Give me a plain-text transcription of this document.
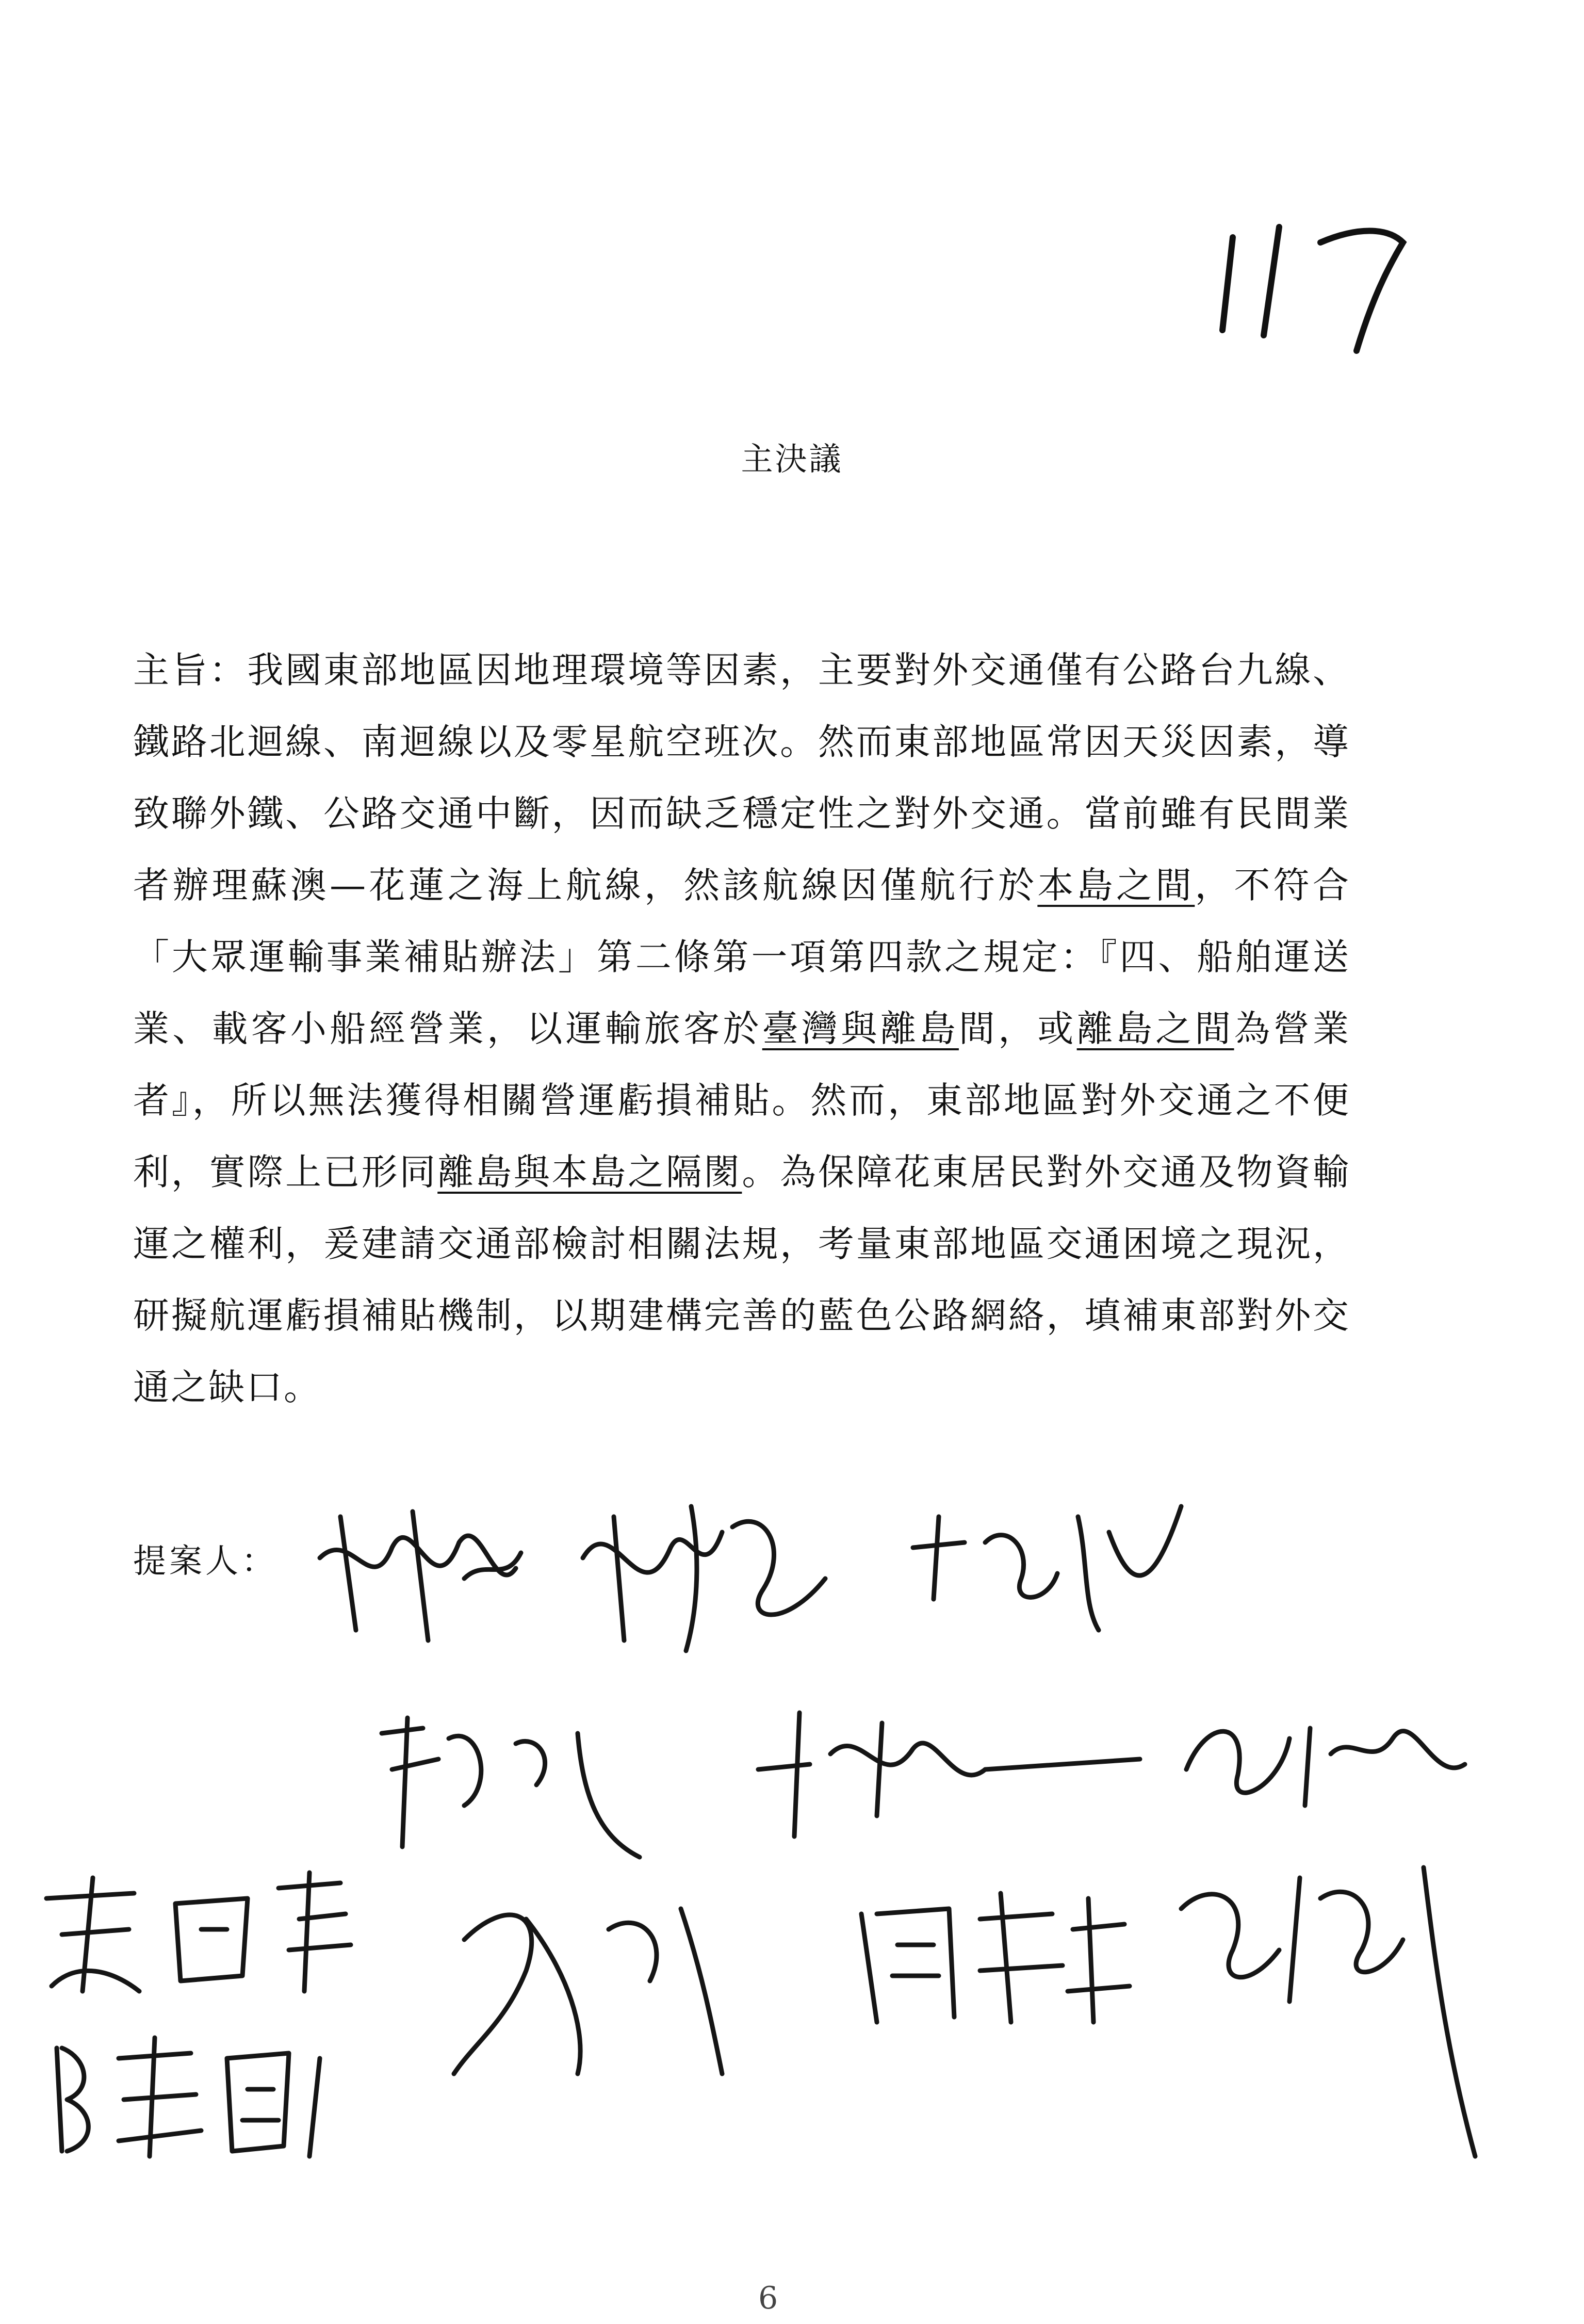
主決議
主旨：我國東部地區因地理環境等因素，主要對外交通僅有公路台九線、鐵路北迴線、南迴線以及零星航空班次。然而東部地區常因天災因素，導致聯外鐵、公路交通中斷，因而缺乏穩定性之對外交通。當前雖有民間業者辦理蘇澳—花蓮之海上航線，然該航線因僅航行於本島之間，不符合「大眾運輸事業補貼辦法」第二條第一項第四款之規定：『四、船舶運送業、載客小船經營業，以運輸旅客於臺灣與離島間，或離島之間為營業者』，所以無法獲得相關營運虧損補貼。然而，東部地區對外交通之不便利，實際上已形同離島與本島之隔閡。為保障花東居民對外交通及物資輸運之權利，爰建請交通部檢討相關法規，考量東部地區交通困境之現況，研擬航運虧損補貼機制，以期建構完善的藍色公路網絡，填補東部對外交通之缺口。
提案人：
6
